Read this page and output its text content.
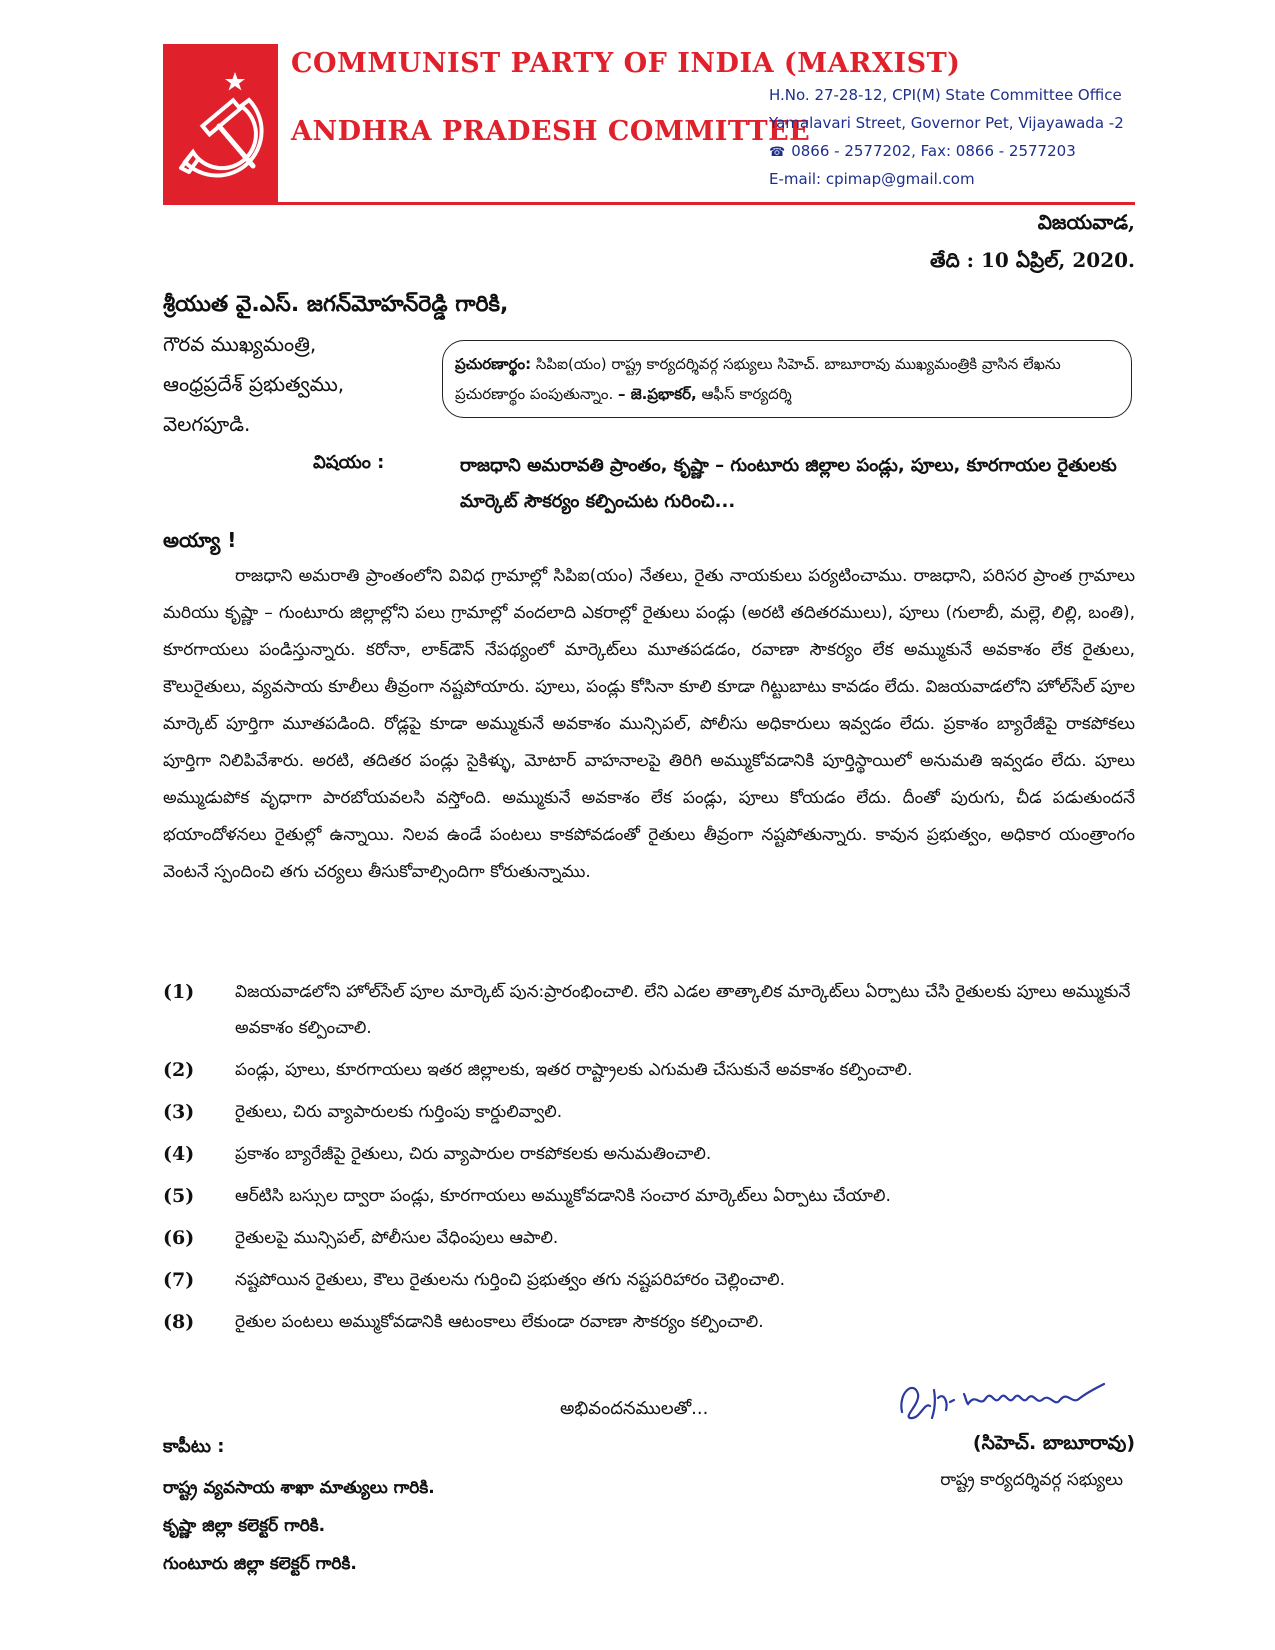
COMMUNIST PARTY OF INDIA (MARXIST)
ANDHRA PRADESH COMMITTEE
H.No. 27-28-12, CPI(M) State Committee Office
Yamalavari Street, Governor Pet, Vijayawada -2
☎ 0866 - 2577202, Fax: 0866 - 2577203
E-mail: cpimap@gmail.com
విజయవాడ,
తేది : 10 ఏప్రిల్, 2020.
శ్రీయుత వై.ఎస్. జగన్‌మోహన్‌రెడ్డి గారికి,
గౌరవ ముఖ్యమంత్రి,
ఆంధ్రప్రదేశ్ ప్రభుత్వము,
వెలగపూడి.
ప్రచురణార్థం: సిపిఐ(యం) రాష్ట్ర కార్యదర్శివర్గ సభ్యులు సిహెచ్. బాబూరావు ముఖ్యమంత్రికి వ్రాసిన లేఖను ప్రచురణార్థం పంపుతున్నాం. – జె.ప్రభాకర్, ఆఫీస్ కార్యదర్శి
విషయం :	రాజధాని అమరావతి ప్రాంతం, కృష్ణా – గుంటూరు జిల్లాల పండ్లు, పూలు, కూరగాయల రైతులకు మార్కెట్ సౌకర్యం కల్పించుట గురించి...
అయ్యా !
రాజధాని అమరాతి ప్రాంతంలోని వివిధ గ్రామాల్లో సిపిఐ(యం) నేతలు, రైతు నాయకులు పర్యటించాము. రాజధాని, పరిసర ప్రాంత గ్రామాలు మరియు కృష్ణా – గుంటూరు జిల్లాల్లోని పలు గ్రామాల్లో వందలాది ఎకరాల్లో రైతులు పండ్లు (అరటి తదితరములు), పూలు (గులాబీ, మల్లె, లిల్లి, బంతి), కూరగాయలు పండిస్తున్నారు. కరోనా, లాక్‌డౌన్ నేపథ్యంలో మార్కెట్‌లు మూతపడడం, రవాణా సౌకర్యం లేక అమ్ముకునే అవకాశం లేక రైతులు, కౌలురైతులు, వ్యవసాయ కూలీలు తీవ్రంగా నష్టపోయారు. పూలు, పండ్లు కోసినా కూలి కూడా గిట్టుబాటు కావడం లేదు. విజయవాడలోని హోల్‌సేల్ పూల మార్కెట్ పూర్తిగా మూతపడింది. రోడ్లపై కూడా అమ్ముకునే అవకాశం మున్సిపల్, పోలీసు అధికారులు ఇవ్వడం లేదు. ప్రకాశం బ్యారేజీపై రాకపోకలు పూర్తిగా నిలిపివేశారు. అరటి, తదితర పండ్లు సైకిళ్ళు, మోటార్ వాహనాలపై తిరిగి అమ్ముకోవడానికి పూర్తిస్థాయిలో అనుమతి ఇవ్వడం లేదు. పూలు అమ్ముడుపోక వృధాగా పారబోయవలసి వస్తోంది. అమ్ముకునే అవకాశం లేక పండ్లు, పూలు కోయడం లేదు. దీంతో పురుగు, చీడ పడుతుందనే భయాందోళనలు రైతుల్లో ఉన్నాయి. నిలవ ఉండే పంటలు కాకపోవడంతో రైతులు తీవ్రంగా నష్టపోతున్నారు. కావున ప్రభుత్వం, అధికార యంత్రాంగం వెంటనే స్పందించి తగు చర్యలు తీసుకోవాల్సిందిగా కోరుతున్నాము.
(1) విజయవాడలోని హోల్‌సేల్ పూల మార్కెట్ పున:ప్రారంభించాలి. లేని ఎడల తాత్కాలిక మార్కెట్‌లు ఏర్పాటు చేసి రైతులకు పూలు అమ్ముకునే అవకాశం కల్పించాలి.
(2) పండ్లు, పూలు, కూరగాయలు ఇతర జిల్లాలకు, ఇతర రాష్ట్రాలకు ఎగుమతి చేసుకునే అవకాశం కల్పించాలి.
(3) రైతులు, చిరు వ్యాపారులకు గుర్తింపు కార్డులివ్వాలి.
(4) ప్రకాశం బ్యారేజీపై రైతులు, చిరు వ్యాపారుల రాకపోకలకు అనుమతించాలి.
(5) ఆర్‌టిసి బస్సుల ద్వారా పండ్లు, కూరగాయలు అమ్ముకోవడానికి సంచార మార్కెట్‌లు ఏర్పాటు చేయాలి.
(6) రైతులపై మున్సిపల్, పోలీసుల వేధింపులు ఆపాలి.
(7) నష్టపోయిన రైతులు, కౌలు రైతులను గుర్తించి ప్రభుత్వం తగు నష్టపరిహారం చెల్లించాలి.
(8) రైతుల పంటలు అమ్ముకోవడానికి ఆటంకాలు లేకుండా రవాణా సౌకర్యం కల్పించాలి.
అభివందనములతో...
(సిహెచ్. బాబూరావు)
రాష్ట్ర కార్యదర్శివర్గ సభ్యులు
కాపీటు :
రాష్ట్ర వ్యవసాయ శాఖా మాత్యులు గారికి.
కృష్ణా జిల్లా కలెక్టర్ గారికి.
గుంటూరు జిల్లా కలెక్టర్ గారికి.
